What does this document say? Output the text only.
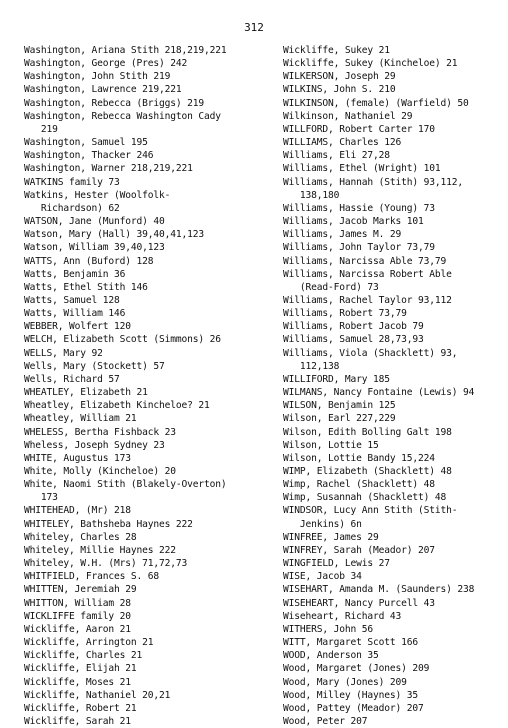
312
Washington, Ariana Stith 218,219,221
Washington, George (Pres) 242
Washington, John Stith 219
Washington, Lawrence 219,221
Washington, Rebecca (Briggs) 219
Washington, Rebecca Washington Cady
219
Washington, Samuel 195
Washington, Thacker 246
Washington, Warner 218,219,221
WATKINS family 73
Watkins, Hester (Woolfolk-
Richardson) 62
WATSON, Jane (Munford) 40
Watson, Mary (Hall) 39,40,41,123
Watson, William 39,40,123
WATTS, Ann (Buford) 128
Watts, Benjamin 36
Watts, Ethel Stith 146
Watts, Samuel 128
Watts, William 146
WEBBER, Wolfert 120
WELCH, Elizabeth Scott (Simmons) 26
WELLS, Mary 92
Wells, Mary (Stockett) 57
Wells, Richard 57
WHEATLEY, Elizabeth 21
Wheatley, Elizabeth Kincheloe? 21
Wheatley, William 21
WHELESS, Bertha Fishback 23
Wheless, Joseph Sydney 23
WHITE, Augustus 173
White, Molly (Kincheloe) 20
White, Naomi Stith (Blakely-Overton)
173
WHITEHEAD, (Mr) 218
WHITELEY, Bathsheba Haynes 222
Whiteley, Charles 28
Whiteley, Millie Haynes 222
Whiteley, W.H. (Mrs) 71,72,73
WHITFIELD, Frances S. 68
WHITTEN, Jeremiah 29
WHITTON, William 28
WICKLIFFE family 20
Wickliffe, Aaron 21
Wickliffe, Arrington 21
Wickliffe, Charles 21
Wickliffe, Elijah 21
Wickliffe, Moses 21
Wickliffe, Nathaniel 20,21
Wickliffe, Robert 21
Wickliffe, Sarah 21
Wickliffe, Sukey 21
Wickliffe, Sukey (Kincheloe) 21
WILKERSON, Joseph 29
WILKINS, John S. 210
WILKINSON, (female) (Warfield) 50
Wilkinson, Nathaniel 29
WILLFORD, Robert Carter 170
WILLIAMS, Charles 126
Williams, Eli 27,28
Williams, Ethel (Wright) 101
Williams, Hannah (Stith) 93,112,
138,180
Williams, Hassie (Young) 73
Williams, Jacob Marks 101
Williams, James M. 29
Williams, John Taylor 73,79
Williams, Narcissa Able 73,79
Williams, Narcissa Robert Able
(Read-Ford) 73
Williams, Rachel Taylor 93,112
Williams, Robert 73,79
Williams, Robert Jacob 79
Williams, Samuel 28,73,93
Williams, Viola (Shacklett) 93,
112,138
WILLIFORD, Mary 185
WILMANS, Nancy Fontaine (Lewis) 94
WILSON, Benjamin 125
Wilson, Earl 227,229
Wilson, Edith Bolling Galt 198
Wilson, Lottie 15
Wilson, Lottie Bandy 15,224
WIMP, Elizabeth (Shacklett) 48
Wimp, Rachel (Shacklett) 48
Wimp, Susannah (Shacklett) 48
WINDSOR, Lucy Ann Stith (Stith-
Jenkins) 6n
WINFREE, James 29
WINFREY, Sarah (Meador) 207
WINGFIELD, Lewis 27
WISE, Jacob 34
WISEHART, Amanda M. (Saunders) 238
WISEHEART, Nancy Purcell 43
Wiseheart, Richard 43
WITHERS, John 56
WITT, Margaret Scott 166
WOOD, Anderson 35
Wood, Margaret (Jones) 209
Wood, Mary (Jones) 209
Wood, Milley (Haynes) 35
Wood, Pattey (Meador) 207
Wood, Peter 207
